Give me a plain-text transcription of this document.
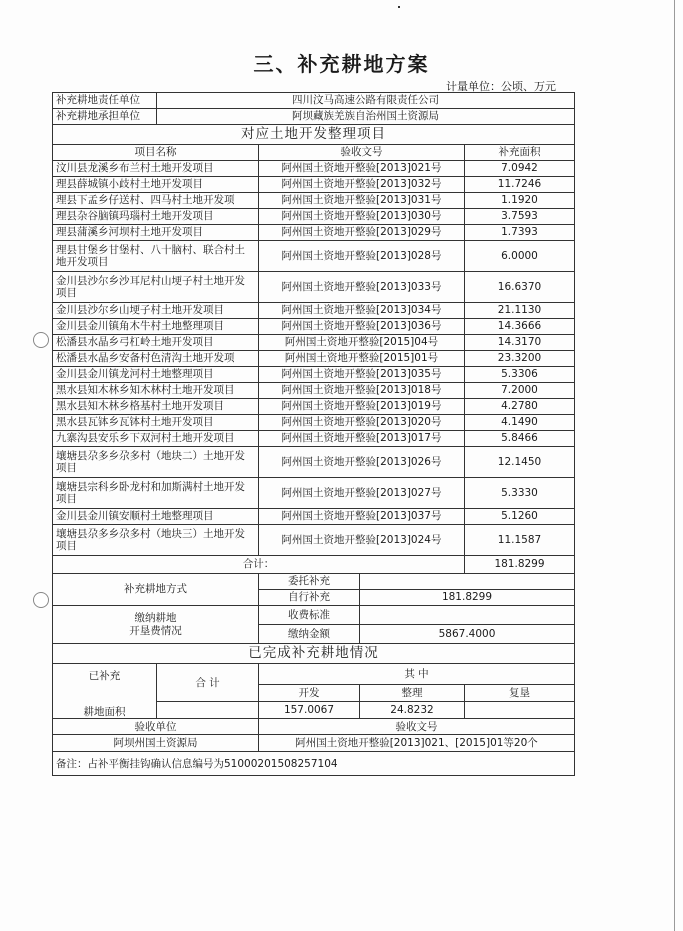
三、补充耕地方案
计量单位：公顷、万元
补充耕地责任单位	四川汶马高速公路有限责任公司			
补充耕地承担单位	阿坝藏族羌族自治州国土资源局			
对应土地开发整理项目				
项目名称		验收文号		补充面积
汶川县龙溪乡布兰村土地开发项目		阿州国土资地开整验[2013]021号		7.0942
理县薛城镇小歧村土地开发项目		阿州国土资地开整验[2013]032号		11.7246
理县下孟乡仔送村、四马村土地开发项		阿州国土资地开整验[2013]031号		1.1920
理县杂谷脑镇玛瑙村土地开发项目		阿州国土资地开整验[2013]030号		3.7593
理县蒲溪乡河坝村土地开发项目		阿州国土资地开整验[2013]029号		1.7393
理县甘堡乡甘堡村、八十脑村、联合村土地开发项目		阿州国土资地开整验[2013]028号		6.0000
金川县沙尔乡沙耳尼村山埂子村土地开发项目		阿州国土资地开整验[2013]033号		16.6370
金川县沙尔乡山埂子村土地开发项目		阿州国土资地开整验[2013]034号		21.1130
金川县金川镇角木牛村土地整理项目		阿州国土资地开整验[2013]036号		14.3666
松潘县水晶乡弓杠岭土地开发项目		阿州国土资地开整验[2015]04号		14.3170
松潘县水晶乡安备村色清沟土地开发项		阿州国土资地开整验[2015]01号		23.3200
金川县金川镇龙河村土地整理项目		阿州国土资地开整验[2013]035号		5.3306
黑水县知木林乡知木林村土地开发项目		阿州国土资地开整验[2013]018号		7.2000
黑水县知木林乡格基村土地开发项目		阿州国土资地开整验[2013]019号		4.2780
黑水县瓦钵乡瓦钵村土地开发项目		阿州国土资地开整验[2013]020号		4.1490
九寨沟县安乐乡下双河村土地开发项目		阿州国土资地开整验[2013]017号		5.8466
壤塘县尕多乡尕多村（地块二）土地开发项目		阿州国土资地开整验[2013]026号		12.1450
壤塘县宗科乡卧龙村和加斯满村土地开发项目		阿州国土资地开整验[2013]027号		5.3330
金川县金川镇安顺村土地整理项目		阿州国土资地开整验[2013]037号		5.1260
壤塘县尕多乡尕多村（地块三）土地开发项目		阿州国土资地开整验[2013]024号		11.1587
合计：				181.8299
补充耕地方式		委托补充		
		自行补充	181.8299	

缴纳耕地
开垦费情况		收费标准		
		缴纳金额	5867.4000	
已完成补充耕地情况				

已补充
耕地面积	合 计	其 中		
		开发	整理	复垦
		157.0067	24.8232	
验收单位		验收文号		
阿坝州国土资源局		阿州国土资地开整验[2013]021、[2015]01等20个		
备注：占补平衡挂钩确认信息编号为51000201508257104				
